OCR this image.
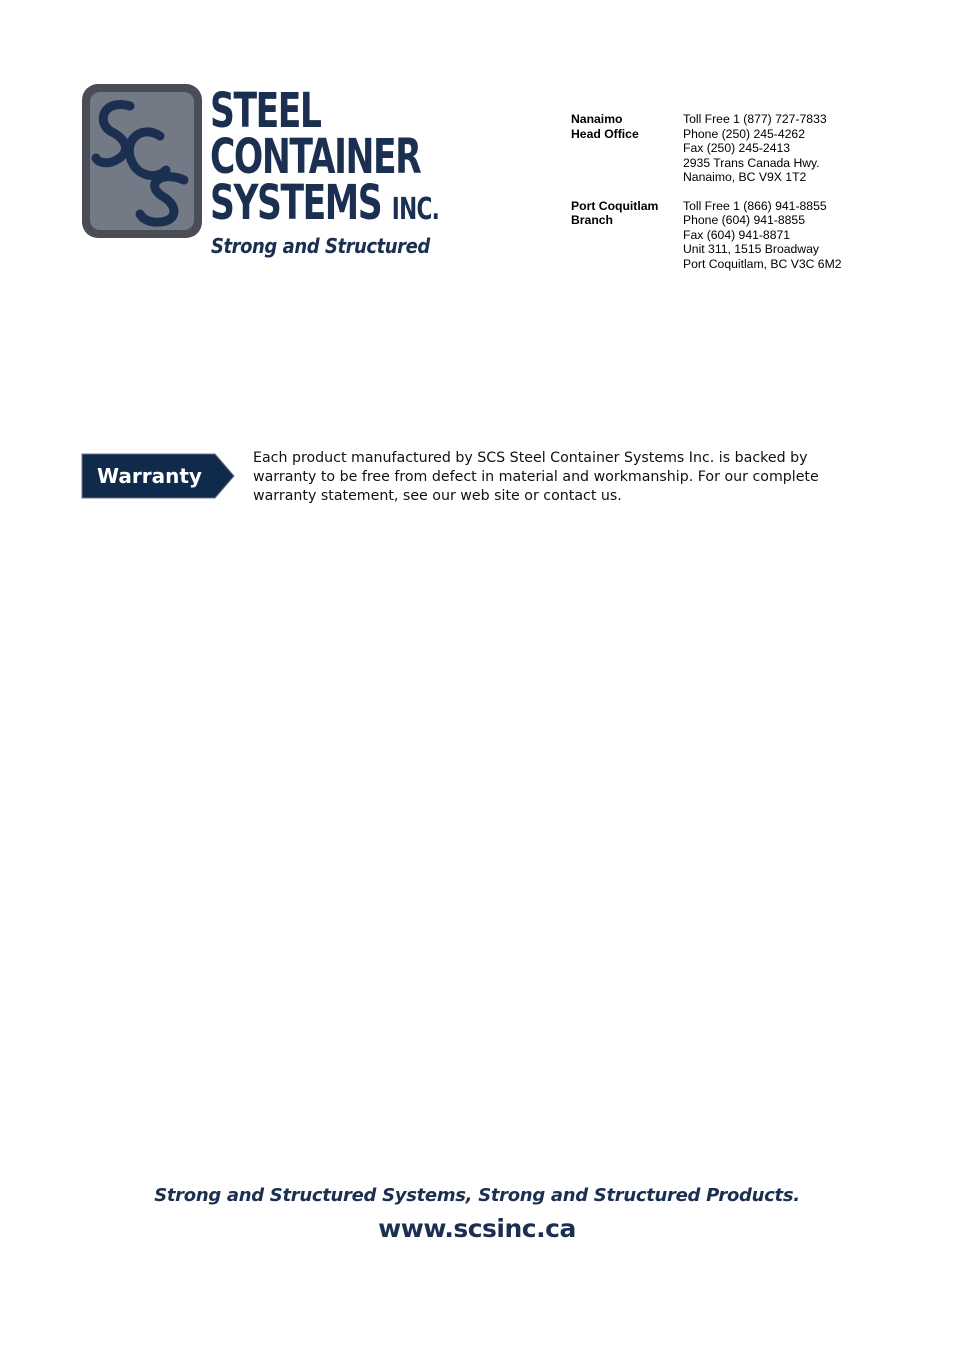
STEEL
CONTAINER
SYSTEMS INC.
Strong and Structured
Nanaimo
Head Office
Toll Free 1 (877) 727-7833
Phone (250) 245-4262
Fax (250) 245-2413
2935 Trans Canada Hwy.
Nanaimo, BC V9X 1T2
Port Coquitlam
Branch
Toll Free 1 (866) 941-8855
Phone (604) 941-8855
Fax (604) 941-8871
Unit 311, 1515 Broadway
Port Coquitlam, BC V3C 6M2
Warranty
Each product manufactured by SCS Steel Container Systems Inc. is backed by warranty to be free from defect in material and workmanship. For our complete warranty statement, see our web site or contact us.
Strong and Structured Systems, Strong and Structured Products.
www.scsinc.ca
